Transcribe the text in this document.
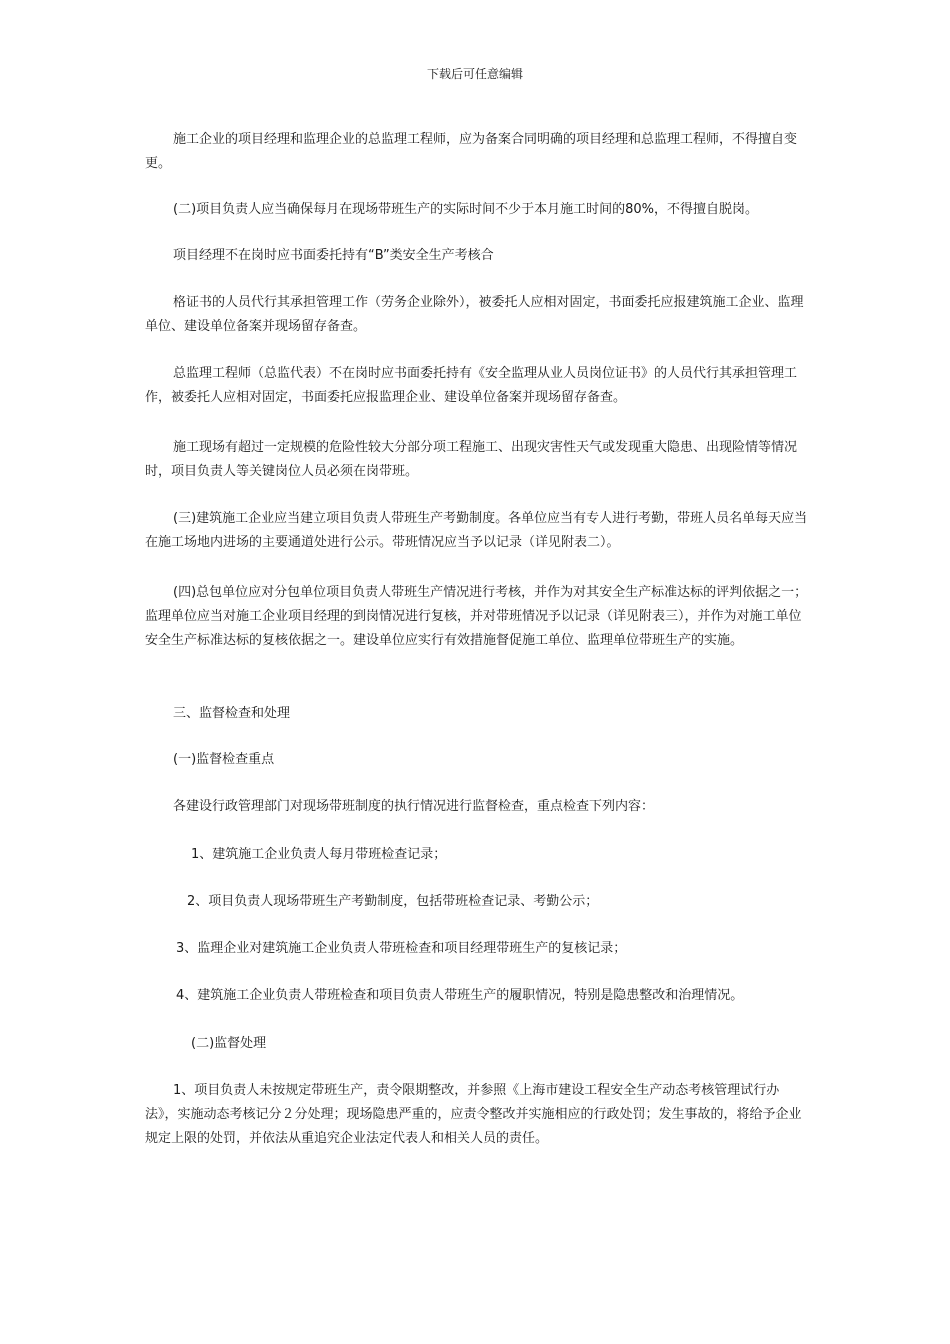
下载后可任意编辑

施工企业的项目经理和监理企业的总监理工程师，应为备案合同明确的项目经理和总监理工程师，不得擅自变更。

(二)项目负责人应当确保每月在现场带班生产的实际时间不少于本月施工时间的80%，不得擅自脱岗。

项目经理不在岗时应书面委托持有“B”类安全生产考核合

格证书的人员代行其承担管理工作（劳务企业除外），被委托人应相对固定，书面委托应报建筑施工企业、监理单位、建设单位备案并现场留存备查。

总监理工程师（总监代表）不在岗时应书面委托持有《安全监理从业人员岗位证书》的人员代行其承担管理工作，被委托人应相对固定，书面委托应报监理企业、建设单位备案并现场留存备查。

施工现场有超过一定规模的危险性较大分部分项工程施工、出现灾害性天气或发现重大隐患、出现险情等情况时，项目负责人等关键岗位人员必须在岗带班。

(三)建筑施工企业应当建立项目负责人带班生产考勤制度。各单位应当有专人进行考勤，带班人员名单每天应当在施工场地内进场的主要通道处进行公示。带班情况应当予以记录（详见附表二）。

(四)总包单位应对分包单位项目负责人带班生产情况进行考核，并作为对其安全生产标准达标的评判依据之一；监理单位应当对施工企业项目经理的到岗情况进行复核，并对带班情况予以记录（详见附表三），并作为对施工单位安全生产标准达标的复核依据之一。建设单位应实行有效措施督促施工单位、监理单位带班生产的实施。

三、监督检查和处理

(一)监督检查重点

各建设行政管理部门对现场带班制度的执行情况进行监督检查，重点检查下列内容：

1、建筑施工企业负责人每月带班检查记录；

2、项目负责人现场带班生产考勤制度，包括带班检查记录、考勤公示；

3、监理企业对建筑施工企业负责人带班检查和项目经理带班生产的复核记录；

4、建筑施工企业负责人带班检查和项目负责人带班生产的履职情况，特别是隐患整改和治理情况。

(二)监督处理

1、项目负责人未按规定带班生产，责令限期整改，并参照《上海市建设工程安全生产动态考核管理试行办法》，实施动态考核记分２分处理；现场隐患严重的，应责令整改并实施相应的行政处罚；发生事故的，将给予企业规定上限的处罚，并依法从重追究企业法定代表人和相关人员的责任。
